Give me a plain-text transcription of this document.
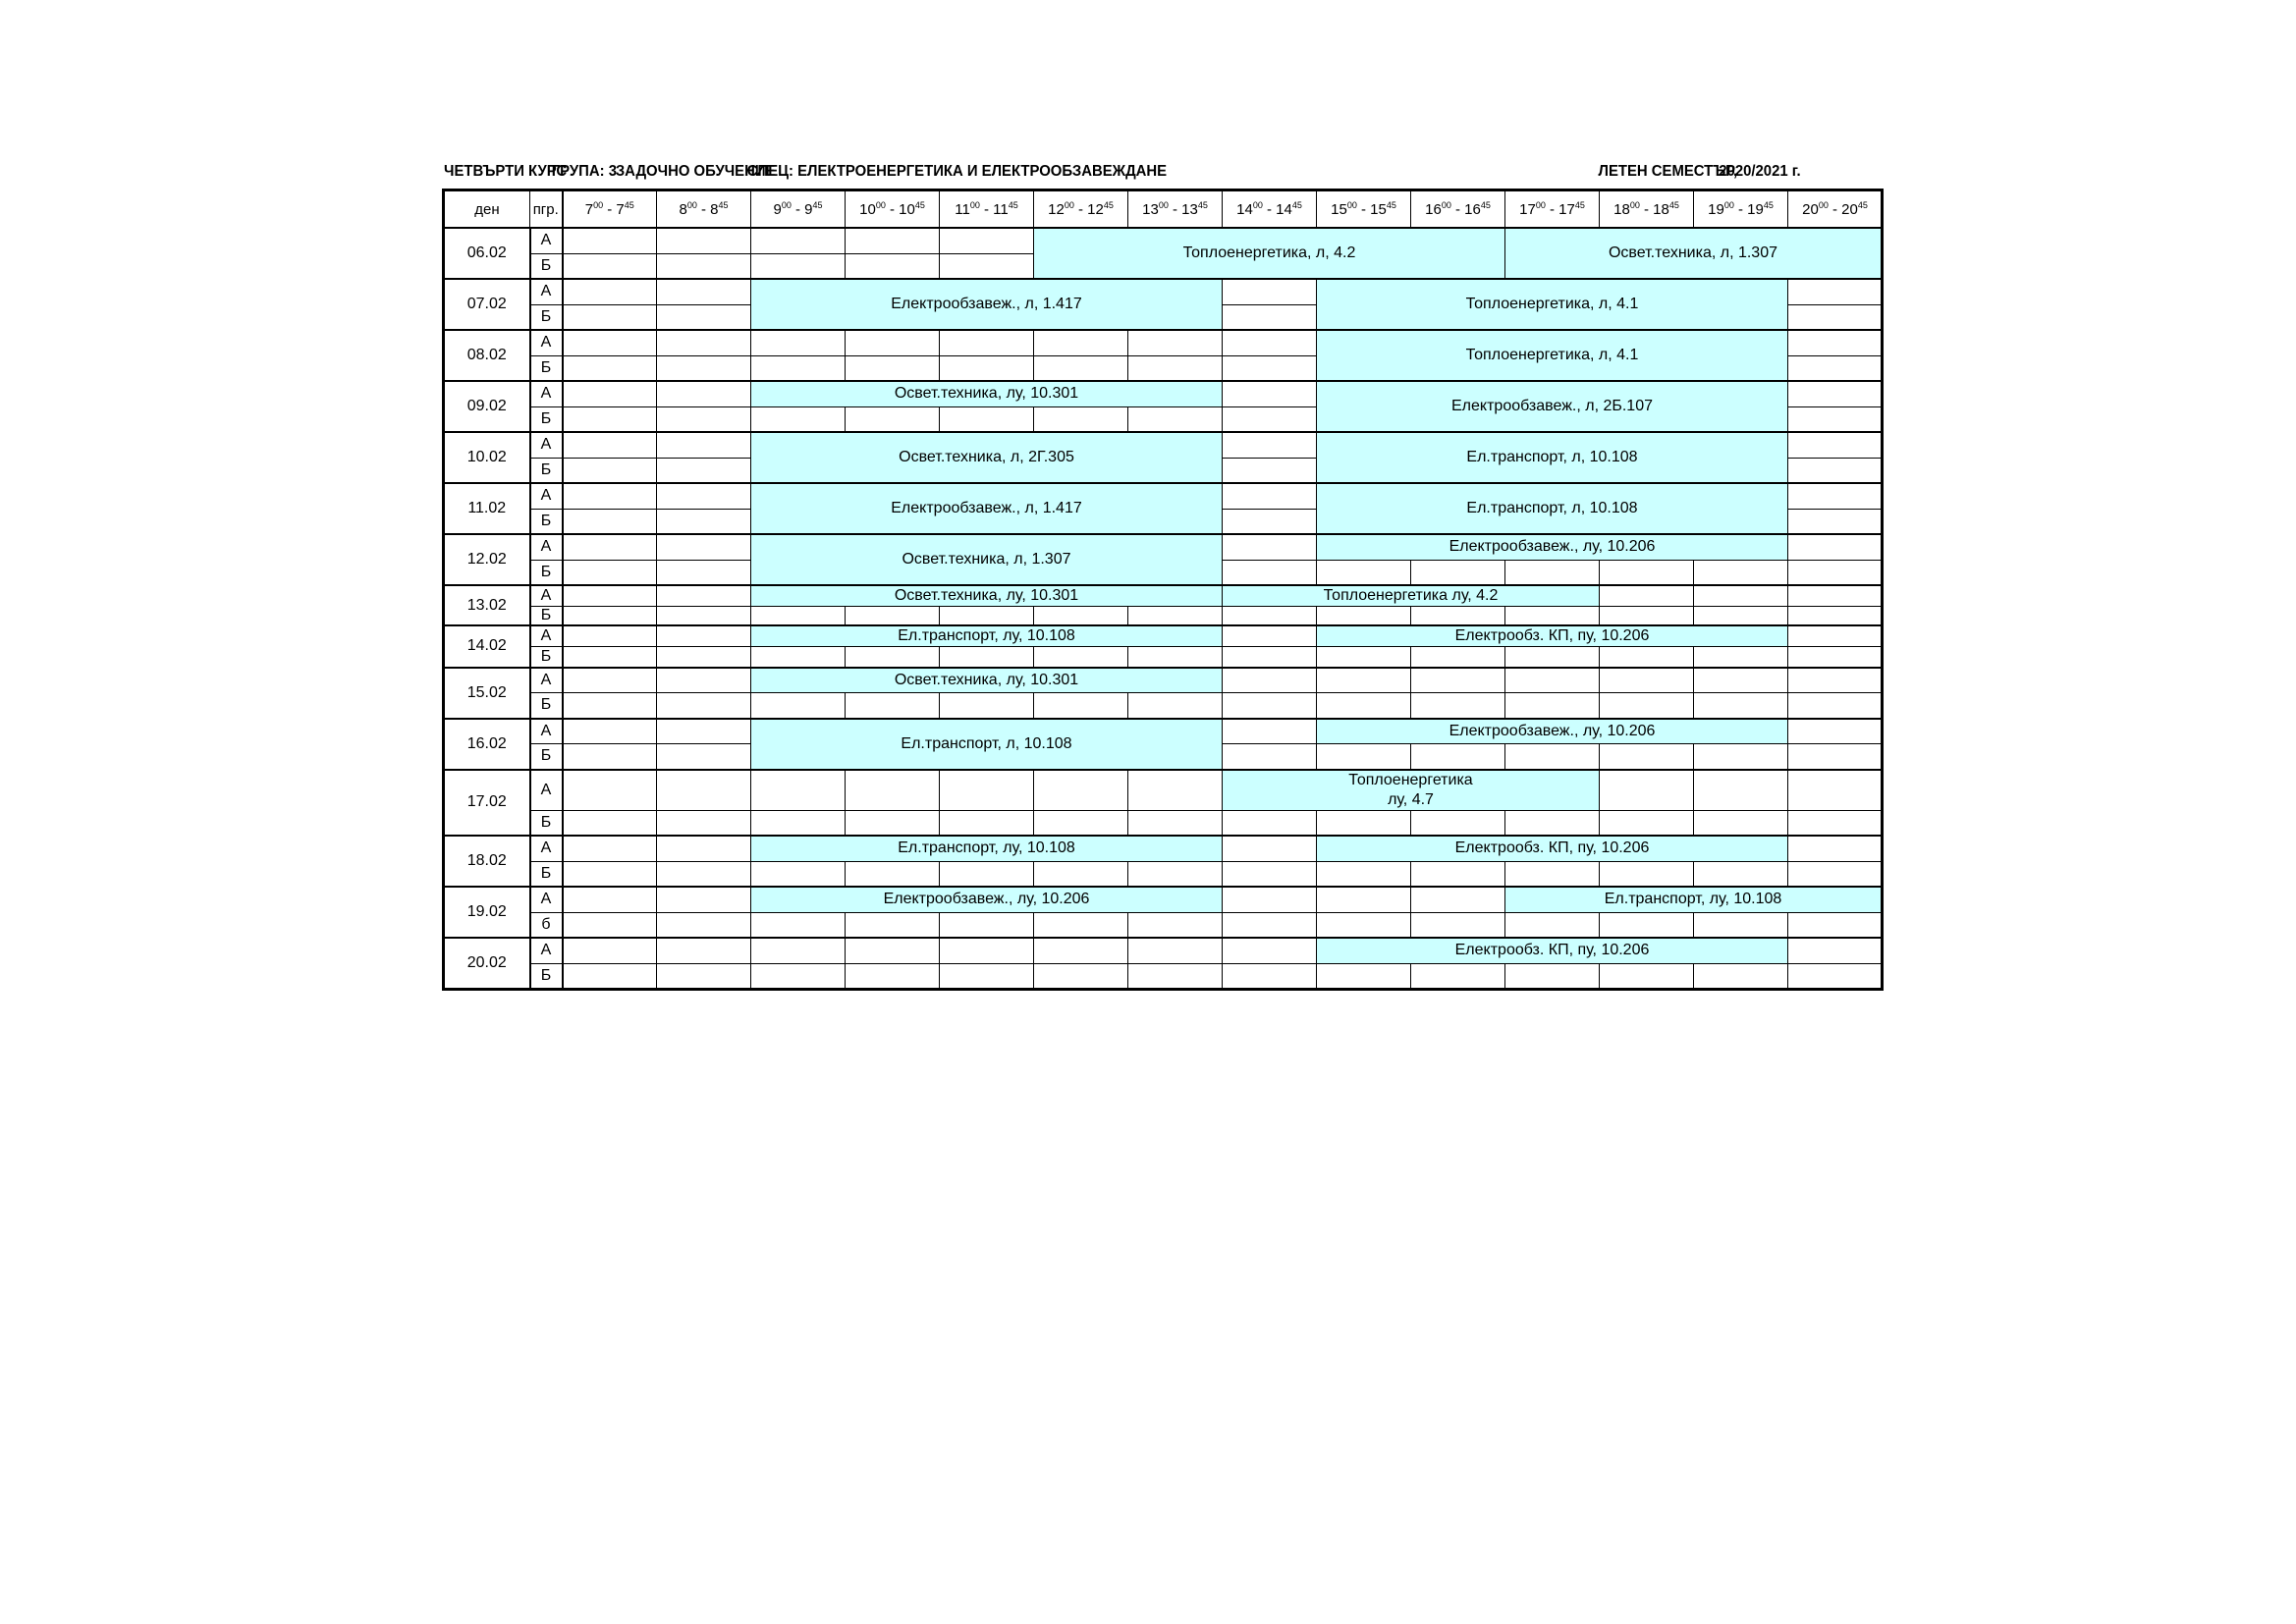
ЧЕТВЪРТИ КУРС
ГРУПА: 3
ЗАДОЧНО ОБУЧЕНИЕ
СПЕЦ: ЕЛЕКТРОЕНЕРГЕТИКА И ЕЛЕКТРООБЗАВЕЖДАНЕ	ЛЕТЕН СЕМЕСТЪР,
2020/2021 г.
ден	пгр.	$7^{00} - 7^{45}$	$8^{00} - 8^{45}$	$9^{00} - 9^{45}$	$10^{00} - 10^{45}$	$11^{00} - 11^{45}$	$12^{00} - 12^{45}$	$13^{00} - 13^{45}$	$14^{00} - 14^{45}$	$15^{00} - 15^{45}$	$16^{00} - 16^{45}$	$17^{00} - 17^{45}$	$18^{00} - 18^{45}$	$19^{00} - 19^{45}$	$20^{00} - 20^{45}$
06.02	А						Топлоенергетика, л, 4.2					Освет.техника, л, 1.307			
	Б														
07.02	А			Електрообзавеж., л, 1.417						Топлоенергетика, л, 4.1					
	Б														
08.02	А									Топлоенергетика, л, 4.1					
	Б														
09.02	А			Освет.техника, лу, 10.301						Електрообзавеж., л, 2Б.107					
	Б														
10.02	А			Освет.техника, л, 2Г.305						Ел.транспорт, л, 10.108					
	Б														
11.02	А			Електрообзавеж., л, 1.417						Ел.транспорт, л, 10.108					
	Б														
12.02	А			Освет.техника, л, 1.307						Електрообзавеж., лу, 10.206					
	Б														
13.02	А			Освет.техника, лу, 10.301					Топлоенергетика лу, 4.2						
	Б														
14.02	А			Ел.транспорт, лу, 10.108						Електрообз. КП, пу, 10.206					
	Б														
15.02	А			Освет.техника, лу, 10.301											
	Б														
16.02	А			Ел.транспорт, л, 10.108						Електрообзавеж., лу, 10.206					
	Б														
17.02	А								Топлоенергетика
лу, 4.7						
	Б														
18.02	А			Ел.транспорт, лу, 10.108						Електрообз. КП, пу, 10.206					
	Б														
19.02	А			Електрообзавеж., лу, 10.206								Ел.транспорт, лу, 10.108			
	б														
20.02	А									Електрообз. КП, пу, 10.206					
	Б														
